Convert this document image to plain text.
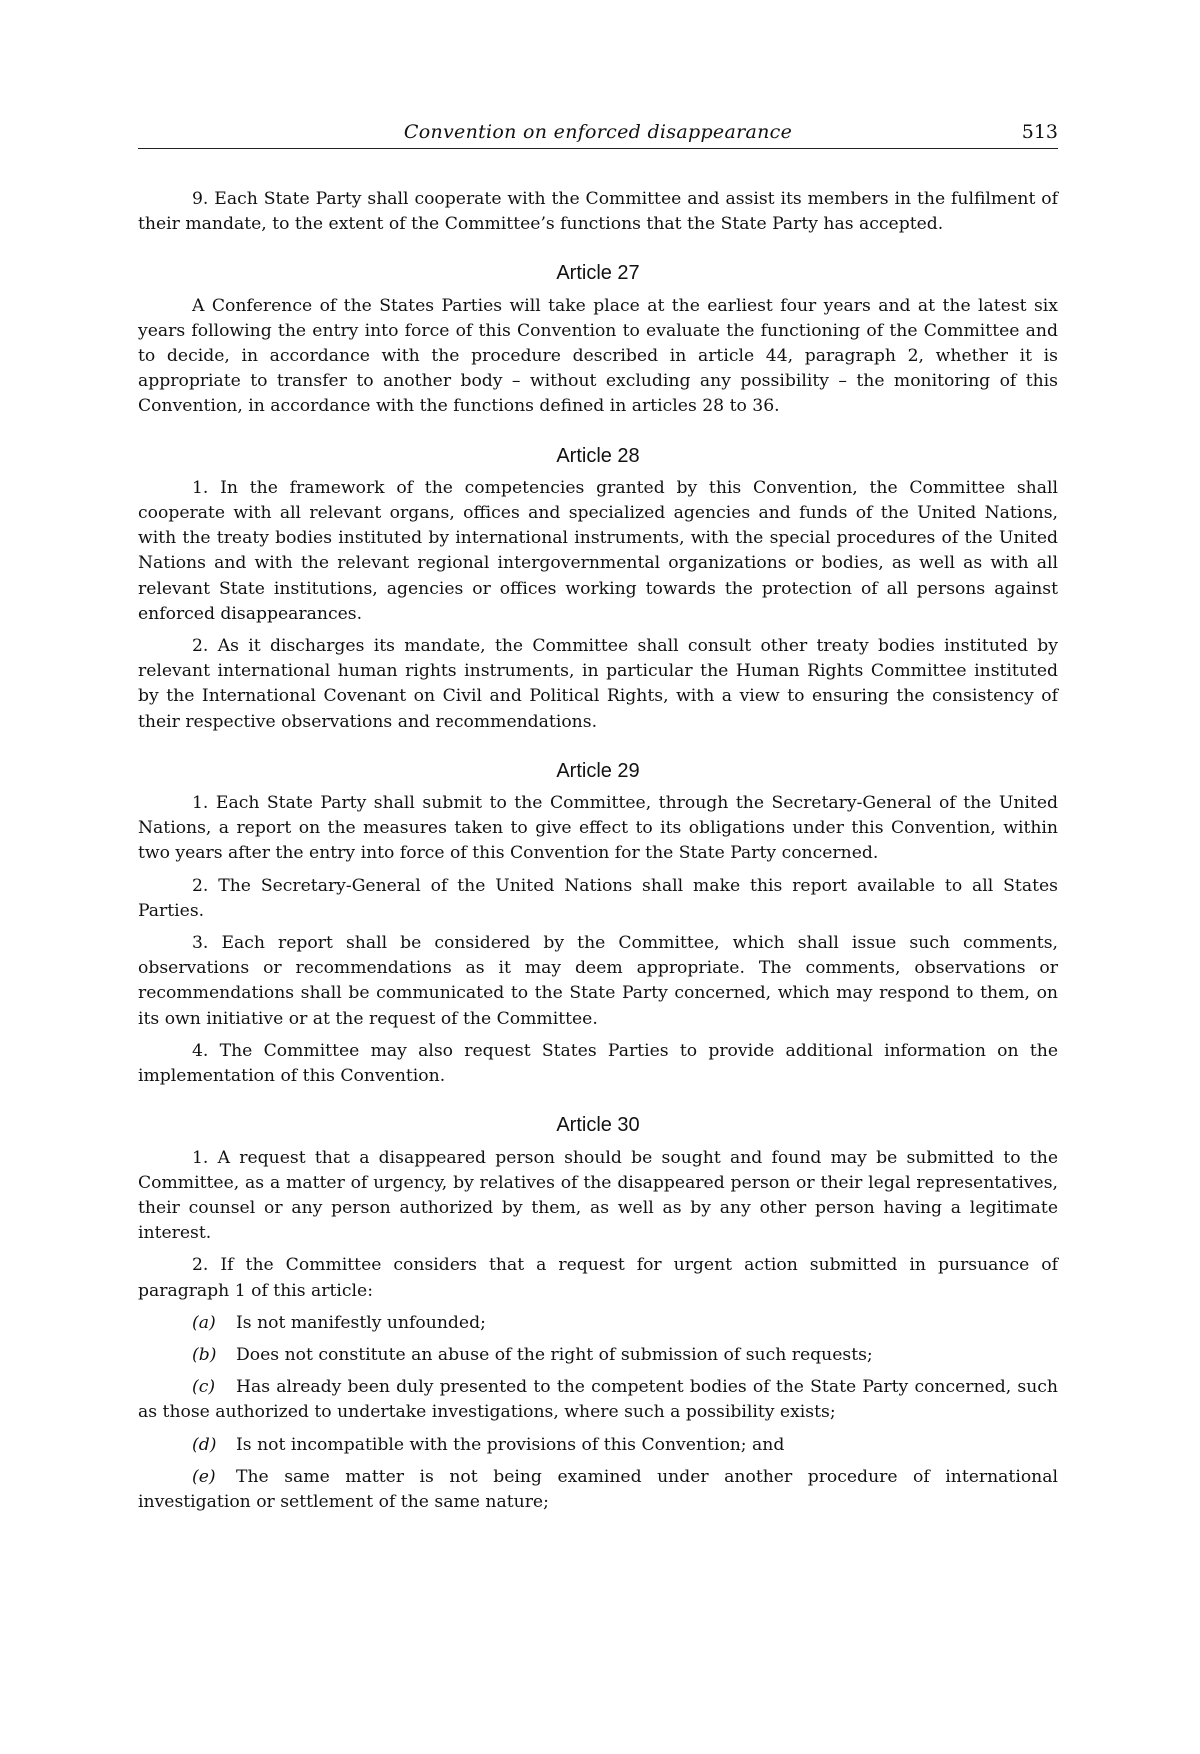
Convention on enforced disappearance	513

9. Each State Party shall cooperate with the Committee and assist its members in the fulfilment of their mandate, to the extent of the Committee’s functions that the State Party has accepted.

Article 27

A Conference of the States Parties will take place at the earliest four years and at the latest six years following the entry into force of this Convention to evaluate the functioning of the Committee and to decide, in accordance with the procedure described in article 44, paragraph 2, whether it is appropriate to transfer to another body – without excluding any possibility – the monitoring of this Convention, in accordance with the functions defined in articles 28 to 36.

Article 28

1. In the framework of the competencies granted by this Convention, the Committee shall cooperate with all relevant organs, offices and specialized agencies and funds of the United Nations, with the treaty bodies instituted by international instruments, with the special procedures of the United Nations and with the relevant regional intergovernmental organizations or bodies, as well as with all relevant State institutions, agencies or offices working towards the protection of all persons against enforced disappearances.

2. As it discharges its mandate, the Committee shall consult other treaty bodies instituted by relevant international human rights instruments, in particular the Human Rights Committee instituted by the International Covenant on Civil and Political Rights, with a view to ensuring the consistency of their respective observations and recommendations.

Article 29

1. Each State Party shall submit to the Committee, through the Secretary-General of the United Nations, a report on the measures taken to give effect to its obligations under this Convention, within two years after the entry into force of this Convention for the State Party concerned.

2. The Secretary-General of the United Nations shall make this report available to all States Parties.

3. Each report shall be considered by the Committee, which shall issue such comments, observations or recommendations as it may deem appropriate. The comments, observations or recommendations shall be communicated to the State Party concerned, which may respond to them, on its own initiative or at the request of the Committee.

4. The Committee may also request States Parties to provide additional information on the implementation of this Convention.

Article 30

1. A request that a disappeared person should be sought and found may be submitted to the Committee, as a matter of urgency, by relatives of the disappeared person or their legal representatives, their counsel or any person authorized by them, as well as by any other person having a legitimate interest.

2. If the Committee considers that a request for urgent action submitted in pursuance of paragraph 1 of this article:

(a) Is not manifestly unfounded;

(b) Does not constitute an abuse of the right of submission of such requests;

(c) Has already been duly presented to the competent bodies of the State Party concerned, such as those authorized to undertake investigations, where such a possibility exists;

(d) Is not incompatible with the provisions of this Convention; and

(e) The same matter is not being examined under another procedure of international investigation or settlement of the same nature;
